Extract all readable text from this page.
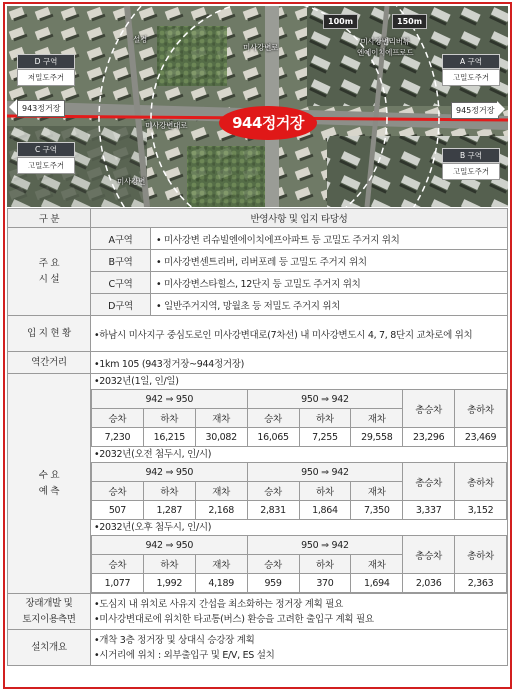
100m	150m
설경
미사강변로
미사강변리버뷰
엔에이치에프로드
미사강변대로
미사강변
D 구역
저밀도주거
A 구역
고밀도주거
C 구역
고밀도주거
B 구역
고밀도주거
943정거장	945정거장
944정거장
구 분	반영사항 및 입지 타당성

주 요
시 설
	A구역	• 미사강변 리슈빌엔에이치에프아파트 등 고밀도 주거지 위치
B구역	• 미사강변센트리버, 리버포레 등 고밀도 주거지 위치
C구역	• 미사강변스타힐스, 12단지 등 고밀도 주거지 위치
D구역	• 일반주거지역, 망월초 등 저밀도 주거지 위치
입 지 현 황	•하남시 미사지구 중심도로인 미사강변대로(7차선) 내 미사강변도시 4, 7, 8단지 교차로에 위치
역간거리	•1km 105 (943정거장~944정거장)

수 요
예 측

•2032년(1일, 인/일)
942 ⇒ 950	950 ⇒ 942	총승차	총하차
승차	하차	재차	승차	하차	재차
7,230	16,215	30,082	16,065	7,255	29,558	23,296	23,469
•2032년(오전 첨두시, 인/시)
942 ⇒ 950	950 ⇒ 942	총승차	총하차
승차	하차	재차	승차	하차	재차
507	1,287	2,168	2,831	1,864	7,350	3,337	3,152
•2032년(오후 첨두시, 인/시)
942 ⇒ 950	950 ⇒ 942	총승차	총하차
승차	하차	재차	승차	하차	재차
1,077	1,992	4,189	959	370	1,694	2,036	2,363

장래개발 및
토지이용측면

•도심지 내 위치로 사유지 간섭을 최소화하는 정거장 계획 필요
•미사강변대로에 위치한 타교통(버스) 환승을 고려한 출입구 계획 필요

설치개요	
•개착 3층 정거장 및 상대식 승강장 계획
•시거리에 위치 : 외부출입구 및 E/V, ES 설치
